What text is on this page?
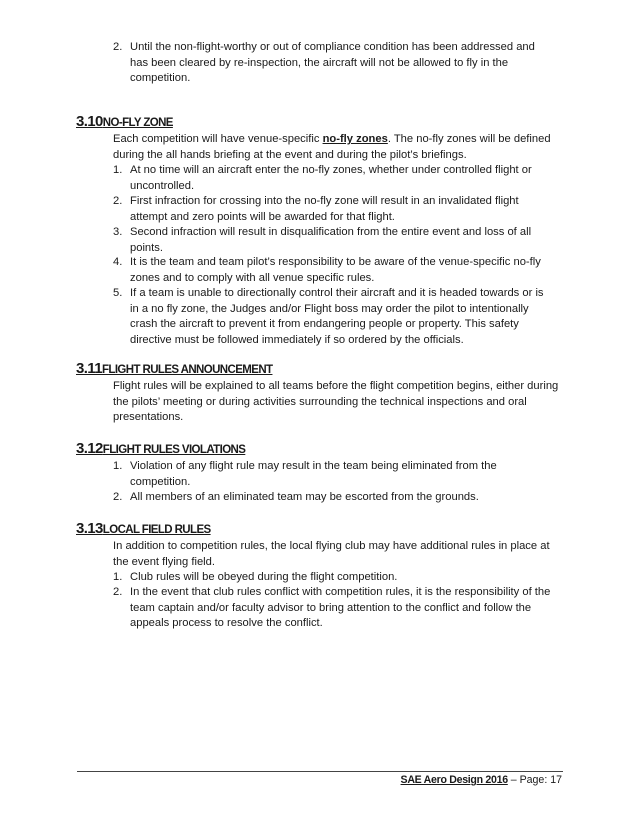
2. Until the non-flight-worthy or out of compliance condition has been addressed and has been cleared by re-inspection, the aircraft will not be allowed to fly in the competition.
3.10NO-FLY ZONE
Each competition will have venue-specific no-fly zones. The no-fly zones will be defined during the all hands briefing at the event and during the pilot’s briefings.
1. At no time will an aircraft enter the no-fly zones, whether under controlled flight or uncontrolled.
2. First infraction for crossing into the no-fly zone will result in an invalidated flight attempt and zero points will be awarded for that flight.
3. Second infraction will result in disqualification from the entire event and loss of all points.
4. It is the team and team pilot’s responsibility to be aware of the venue-specific no-fly zones and to comply with all venue specific rules.
5. If a team is unable to directionally control their aircraft and it is headed towards or is in a no fly zone, the Judges and/or Flight boss may order the pilot to intentionally crash the aircraft to prevent it from endangering people or property. This safety directive must be followed immediately if so ordered by the officials.
3.11FLIGHT RULES ANNOUNCEMENT
Flight rules will be explained to all teams before the flight competition begins, either during the pilots’ meeting or during activities surrounding the technical inspections and oral presentations.
3.12FLIGHT RULES VIOLATIONS
1. Violation of any flight rule may result in the team being eliminated from the competition.
2. All members of an eliminated team may be escorted from the grounds.
3.13LOCAL FIELD RULES
In addition to competition rules, the local flying club may have additional rules in place at the event flying field.
1. Club rules will be obeyed during the flight competition.
2. In the event that club rules conflict with competition rules, it is the responsibility of the team captain and/or faculty advisor to bring attention to the conflict and follow the appeals process to resolve the conflict.
SAE Aero Design 2016 – Page: 17
